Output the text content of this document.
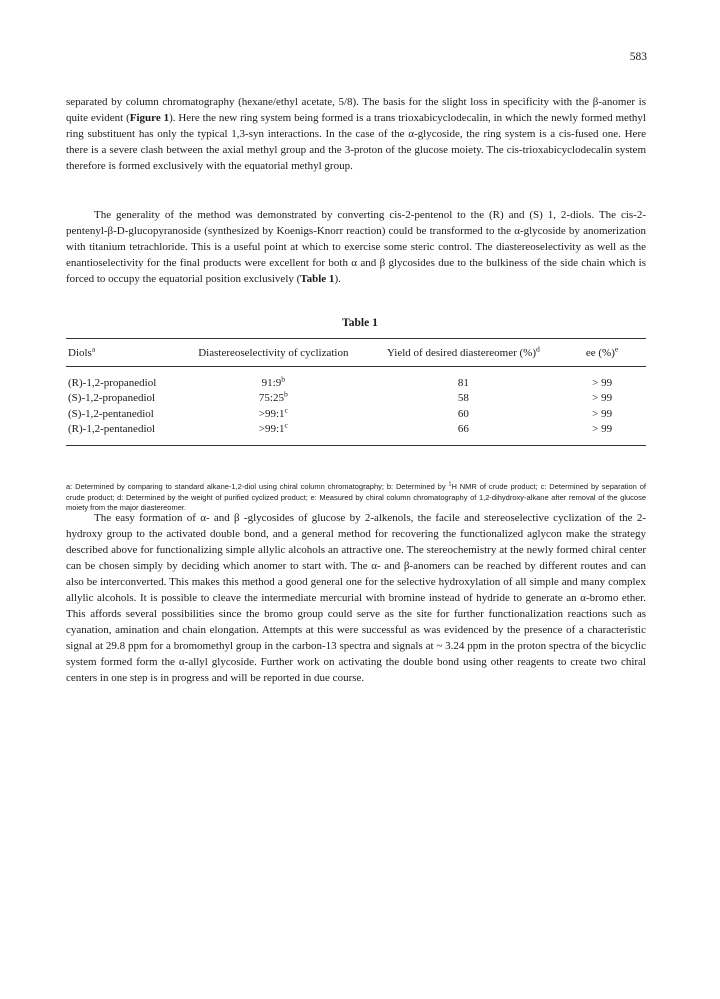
583

separated by column chromatography (hexane/ethyl acetate, 5/8). The basis for the slight loss in specificity with the β-anomer is quite evident (Figure 1). Here the new ring system being formed is a trans trioxabicyclodecalin, in which the newly formed methyl ring substituent has only the typical 1,3-syn interactions. In the case of the α-glycoside, the ring system is a cis-fused one. Here there is a severe clash between the axial methyl group and the 3-proton of the glucose moiety. The cis-trioxabicyclodecalin system therefore is formed exclusively with the equatorial methyl group.

The generality of the method was demonstrated by converting cis-2-pentenol to the (R) and (S) 1, 2-diols. The cis-2-pentenyl-β-D-glucopyranoside (synthesized by Koenigs-Knorr reaction) could be transformed to the α-glycoside by anomerization with titanium tetrachloride. This is a useful point at which to exercise some steric control. The diastereoselectivity as well as the enantioselectivity for the final products were excellent for both α and β glycosides due to the bulkiness of the side chain which is forced to occupy the equatorial position exclusively (Table 1).

Table 1
Diols$^a$	Diastereoselectivity of cyclization	Yield of desired diastereomer (%)$^d$	ee (%)$^e$
(R)-1,2-propanediol	91:9$^b$	81	> 99
(S)-1,2-propanediol	75:25$^b$	58	> 99
(S)-1,2-pentanediol	$>99:1^c$	60	> 99
(R)-1,2-pentanediol	$>99:1^c$	66	> 99

a: Determined by comparing to standard alkane-1,2-diol using chiral column chromatography; b: Determined by $^1$H NMR of crude product; c: Determined by separation of crude product; d: Determined by the weight of purified cyclized product; e: Measured by chiral column chromatography of 1,2-dihydroxy-alkane after removal of the glucose moiety from the major diastereomer.

The easy formation of α- and β -glycosides of glucose by 2-alkenols, the facile and stereoselective cyclization of the 2-hydroxy group to the activated double bond, and a general method for recovering the functionalized aglycon make the strategy described above for functionalizing simple allylic alcohols an attractive one. The stereochemistry at the newly formed chiral center can be chosen simply by deciding which anomer to start with. The α- and β-anomers can be reached by different routes and can also be interconverted. This makes this method a good general one for the selective hydroxylation of all simple and many complex allylic alcohols. It is possible to cleave the intermediate mercurial with bromine instead of hydride to generate an α-bromo ether. This affords several possibilities since the bromo group could serve as the site for further functionalization reactions such as cyanation, amination and chain elongation. Attempts at this were successful as was evidenced by the presence of a characteristic signal at 29.8 ppm for a bromomethyl group in the carbon-13 spectra and signals at ~ 3.24 ppm in the proton spectra of the bicyclic system formed form the α-allyl glycoside. Further work on activating the double bond using other reagents to create two chiral centers in one step is in progress and will be reported in due course.
